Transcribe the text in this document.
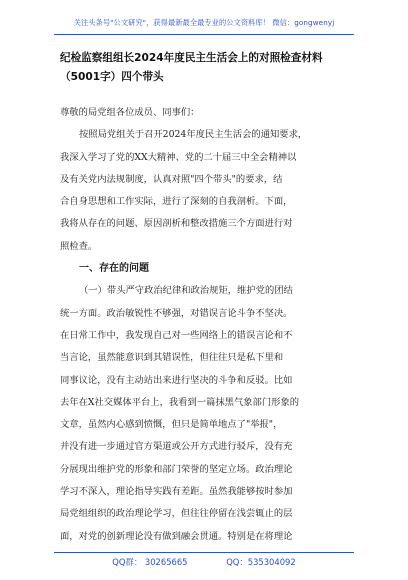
关注头条号"公文研究"，获得最新最全最专业的公文资料库！ 微信：gongwenyj
纪检监察组组长2024年度民主生活会上的对照检查材料
（5001字）四个带头
尊敬的局党组各位成员、同事们：
按照局党组关于召开2024年度民主生活会的通知要求，
我深入学习了党的XX大精神、党的二十届三中全会精神以
及有关党内法规制度，认真对照"四个带头"的要求，结
合自身思想和工作实际，进行了深刻的自我剖析。下面，
我将从存在的问题、原因剖析和整改措施三个方面进行对
照检查。
一、存在的问题
（一）带头严守政治纪律和政治规矩，维护党的团结
统一方面。政治敏锐性不够强，对错误言论斗争不坚决。
在日常工作中，我发现自己对一些网络上的错误言论和不
当言论，虽然能意识到其错误性，但往往只是私下里和
同事议论，没有主动站出来进行坚决的斗争和反驳。比如
去年在X社交媒体平台上，我看到一篇抹黑气象部门形象的
文章，虽然内心感到愤慨，但只是简单地点了"举报"，
并没有进一步通过官方渠道或公开方式进行驳斥，没有充
分展现出维护党的形象和部门荣誉的坚定立场。政治理论
学习不深入，理论指导实践有差距。虽然我能够按时参加
局党组组织的政治理论学习，但往往停留在浅尝辄止的层
面，对党的创新理论没有做到融会贯通。特别是在将理论
QQ群： 30265665	QQ：535304092
